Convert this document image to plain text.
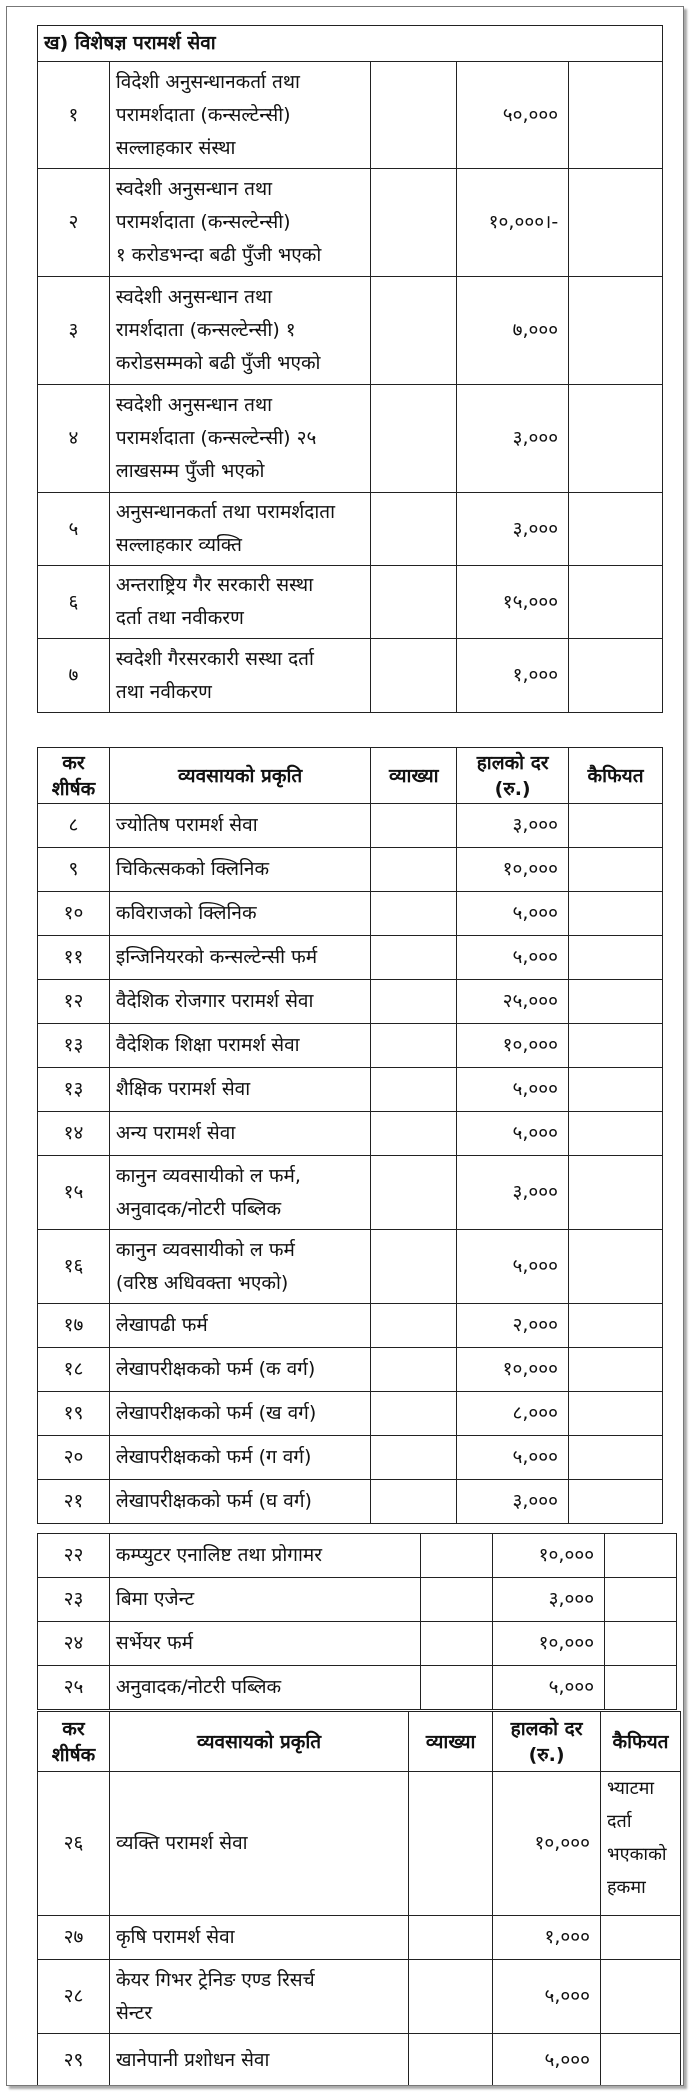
ख) विशेषज्ञ परामर्श सेवा				
१	विदेशी अनुसन्धानकर्ता तथा
परामर्शदाता (कन्सल्टेन्सी)
सल्लाहकार संस्था		५०,०००	
२	स्वदेशी अनुसन्धान तथा
परामर्शदाता (कन्सल्टेन्सी)
१ करोडभन्दा बढी पुँजी भएको		१०,०००।-	
३	स्वदेशी अनुसन्धान तथा
रामर्शदाता (कन्सल्टेन्सी) १
करोडसम्मको बढी पुँजी भएको		७,०००	
४	स्वदेशी अनुसन्धान तथा
परामर्शदाता (कन्सल्टेन्सी) २५
लाखसम्म पुँजी भएको		३,०००	
५	अनुसन्धानकर्ता तथा परामर्शदाता
सल्लाहकार व्यक्ति		३,०००	
६	अन्तराष्ट्रिय गैर सरकारी सस्था
दर्ता तथा नवीकरण		१५,०००	
७	स्वदेशी गैरसरकारी सस्था दर्ता
तथा नवीकरण		१,०००	
कर शीर्षक	व्यवसायको प्रकृति	व्याख्या	हालको दर (रु.)	कैफियत
८	ज्योतिष परामर्श सेवा		३,०००	
९	चिकित्सकको क्लिनिक		१०,०००	
१०	कविराजको क्लिनिक		५,०००	
११	इन्जिनियरको कन्सल्टेन्सी फर्म		५,०००	
१२	वैदेशिक रोजगार परामर्श सेवा		२५,०००	
१३	वैदेशिक शिक्षा परामर्श सेवा		१०,०००	
१३	शैक्षिक परामर्श सेवा		५,०००	
१४	अन्य परामर्श सेवा		५,०००	
१५	कानुन व्यवसायीको ल फर्म,
अनुवादक/नोटरी पब्लिक		३,०००	
१६	कानुन व्यवसायीको ल फर्म
(वरिष्ठ अधिवक्ता भएको)		५,०००	
१७	लेखापढी फर्म		२,०००	
१८	लेखापरीक्षकको फर्म (क वर्ग)		१०,०००	
१९	लेखापरीक्षकको फर्म (ख वर्ग)		८,०००	
२०	लेखापरीक्षकको फर्म (ग वर्ग)		५,०००	
२१	लेखापरीक्षकको फर्म (घ वर्ग)		३,०००	
२२	कम्प्युटर एनालिष्ट तथा प्रोगामर		१०,०००	
२३	बिमा एजेन्ट		३,०००	
२४	सर्भेयर फर्म		१०,०००	
२५	अनुवादक/नोटरी पब्लिक		५,०००	
कर शीर्षक	व्यवसायको प्रकृति	व्याख्या	हालको दर (रु.)	कैफियत
२६	व्यक्ति परामर्श सेवा		१०,०००	भ्याटमा
दर्ता
भएकाको
हकमा

२७	कृषि परामर्श सेवा		१,०००	
२८	केयर गिभर ट्रेनिङ एण्ड रिसर्च
सेन्टर		५,०००	
२९	खानेपानी प्रशोधन सेवा		५,०००	
